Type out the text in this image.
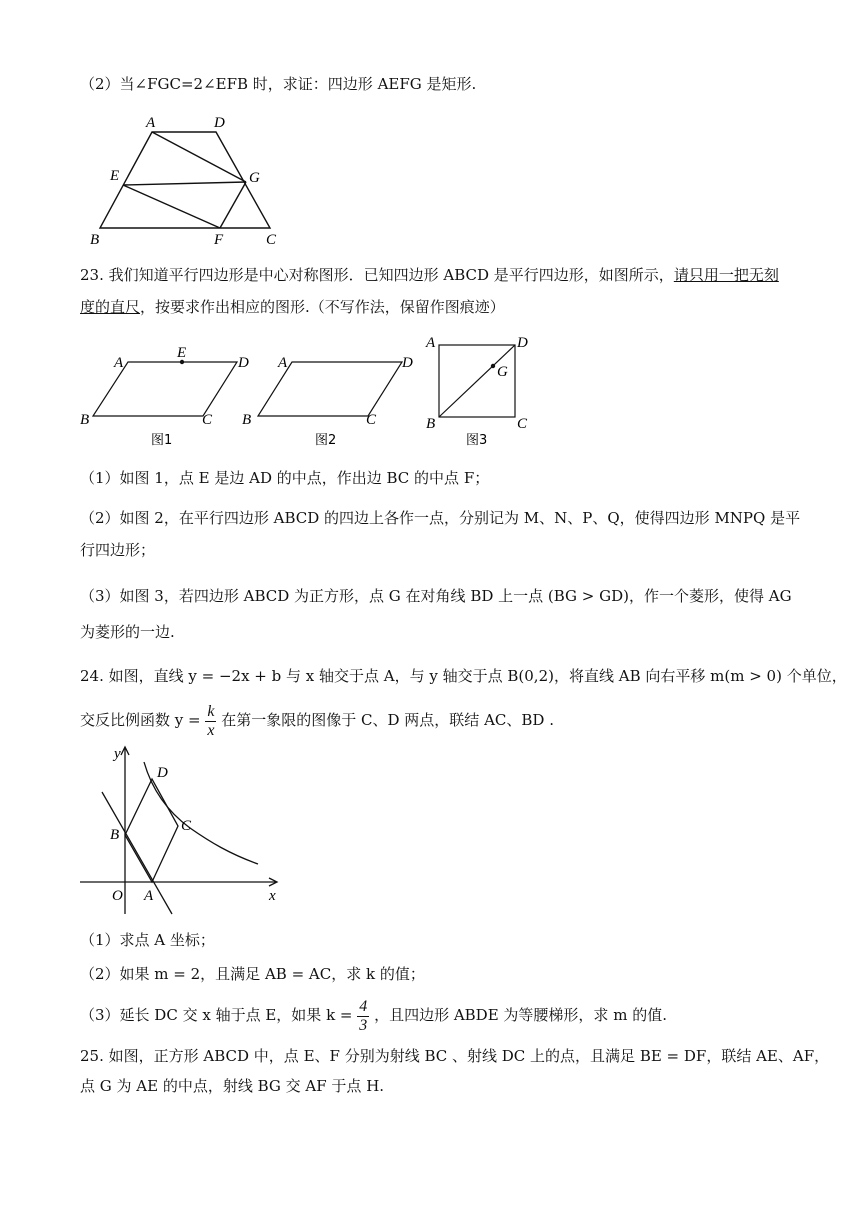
（2）当∠FGC=2∠EFB 时，求证：四边形 AEFG 是矩形.
A	D
E	G
B	F	C
23. 我们知道平行四边形是中心对称图形．已知四边形 ABCD 是平行四边形，如图所示，请只用一把无刻
度的直尺，按要求作出相应的图形.（不写作法，保留作图痕迹）
A
E
D
B	C
图1
A	D
B	C
图2
A	D
G
B	C
图3
（1）如图 1，点 E 是边 AD 的中点，作出边 BC 的中点 F；
（2）如图 2，在平行四边形 ABCD 的四边上各作一点，分别记为 M、N、P、Q，使得四边形 MNPQ 是平
行四边形；
（3）如图 3，若四边形 ABCD 为正方形，点 G 在对角线 BD 上一点 (BG > GD)，作一个菱形，使得 AG
为菱形的一边.
24. 如图，直线 y = −2x + b 与 x 轴交于点 A，与 y 轴交于点 B(0,2)，将直线 AB 向右平移 m(m > 0) 个单位，
交反比例函数 $y = \frac{k}{x}$ 在第一象限的图像于 C、D 两点，联结 AC、BD .
y
D
B
C
O A	x
（1）求点 A 坐标；
（2）如果 m = 2，且满足 AB = AC，求 k 的值；
（3）延长 DC 交 x 轴于点 E，如果 $k = \frac{4}{3}$ ，且四边形 ABDE 为等腰梯形，求 m 的值.
25. 如图，正方形 ABCD 中，点 E、F 分别为射线 BC 、射线 DC 上的点，且满足 BE = DF，联结 AE、AF，
点 G 为 AE 的中点，射线 BG 交 AF 于点 H.
